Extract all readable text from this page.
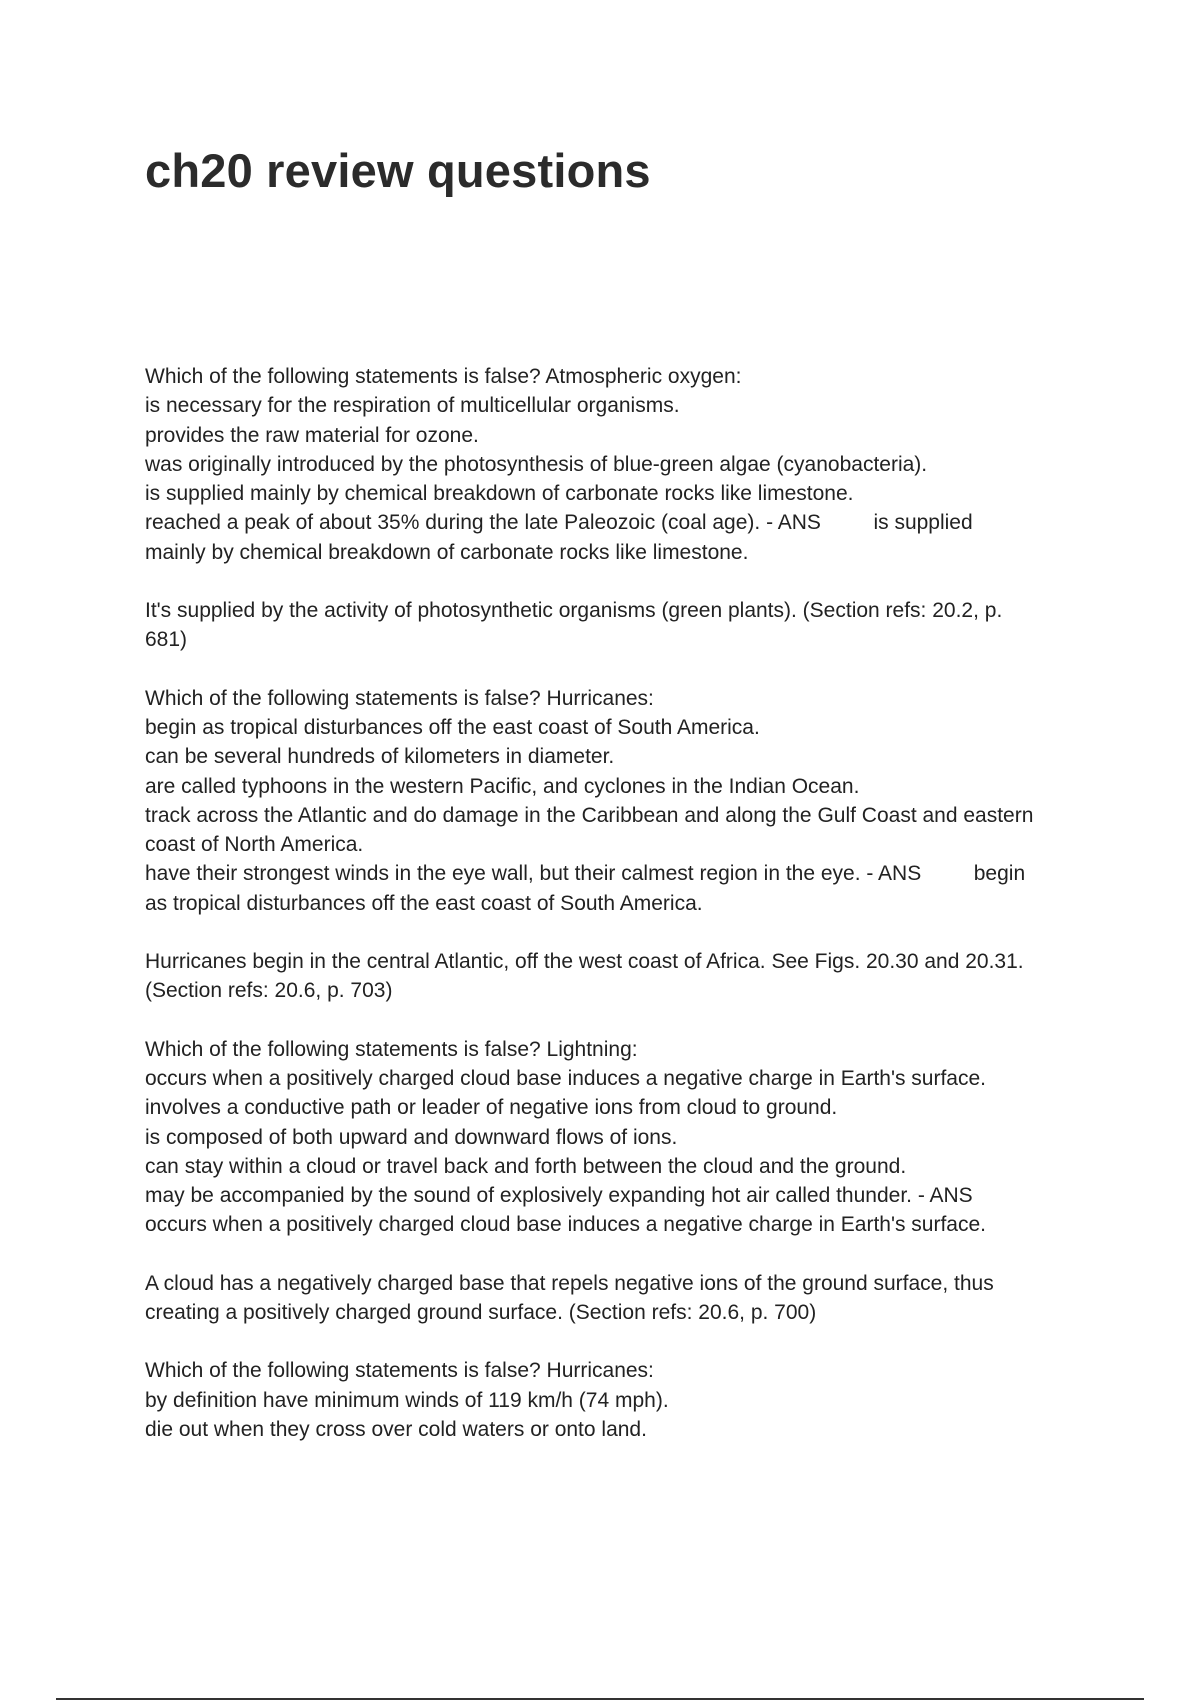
ch20 review questions
Which of the following statements is false? Atmospheric oxygen:
is necessary for the respiration of multicellular organisms.
provides the raw material for ozone.
was originally introduced by the photosynthesis of blue-green algae (cyanobacteria).
is supplied mainly by chemical breakdown of carbonate rocks like limestone.
reached a peak of about 35% during the late Paleozoic (coal age). - ANS         is supplied
mainly by chemical breakdown of carbonate rocks like limestone.
It's supplied by the activity of photosynthetic organisms (green plants). (Section refs: 20.2, p.
681)
Which of the following statements is false? Hurricanes:
begin as tropical disturbances off the east coast of South America.
can be several hundreds of kilometers in diameter.
are called typhoons in the western Pacific, and cyclones in the Indian Ocean.
track across the Atlantic and do damage in the Caribbean and along the Gulf Coast and eastern
coast of North America.
have their strongest winds in the eye wall, but their calmest region in the eye. - ANS         begin
as tropical disturbances off the east coast of South America.
Hurricanes begin in the central Atlantic, off the west coast of Africa. See Figs. 20.30 and 20.31.
(Section refs: 20.6, p. 703)
Which of the following statements is false? Lightning:
occurs when a positively charged cloud base induces a negative charge in Earth's surface.
involves a conductive path or leader of negative ions from cloud to ground.
is composed of both upward and downward flows of ions.
can stay within a cloud or travel back and forth between the cloud and the ground.
may be accompanied by the sound of explosively expanding hot air called thunder. - ANS
occurs when a positively charged cloud base induces a negative charge in Earth's surface.
A cloud has a negatively charged base that repels negative ions of the ground surface, thus
creating a positively charged ground surface. (Section refs: 20.6, p. 700)
Which of the following statements is false? Hurricanes:
by definition have minimum winds of 119 km/h (74 mph).
die out when they cross over cold waters or onto land.
